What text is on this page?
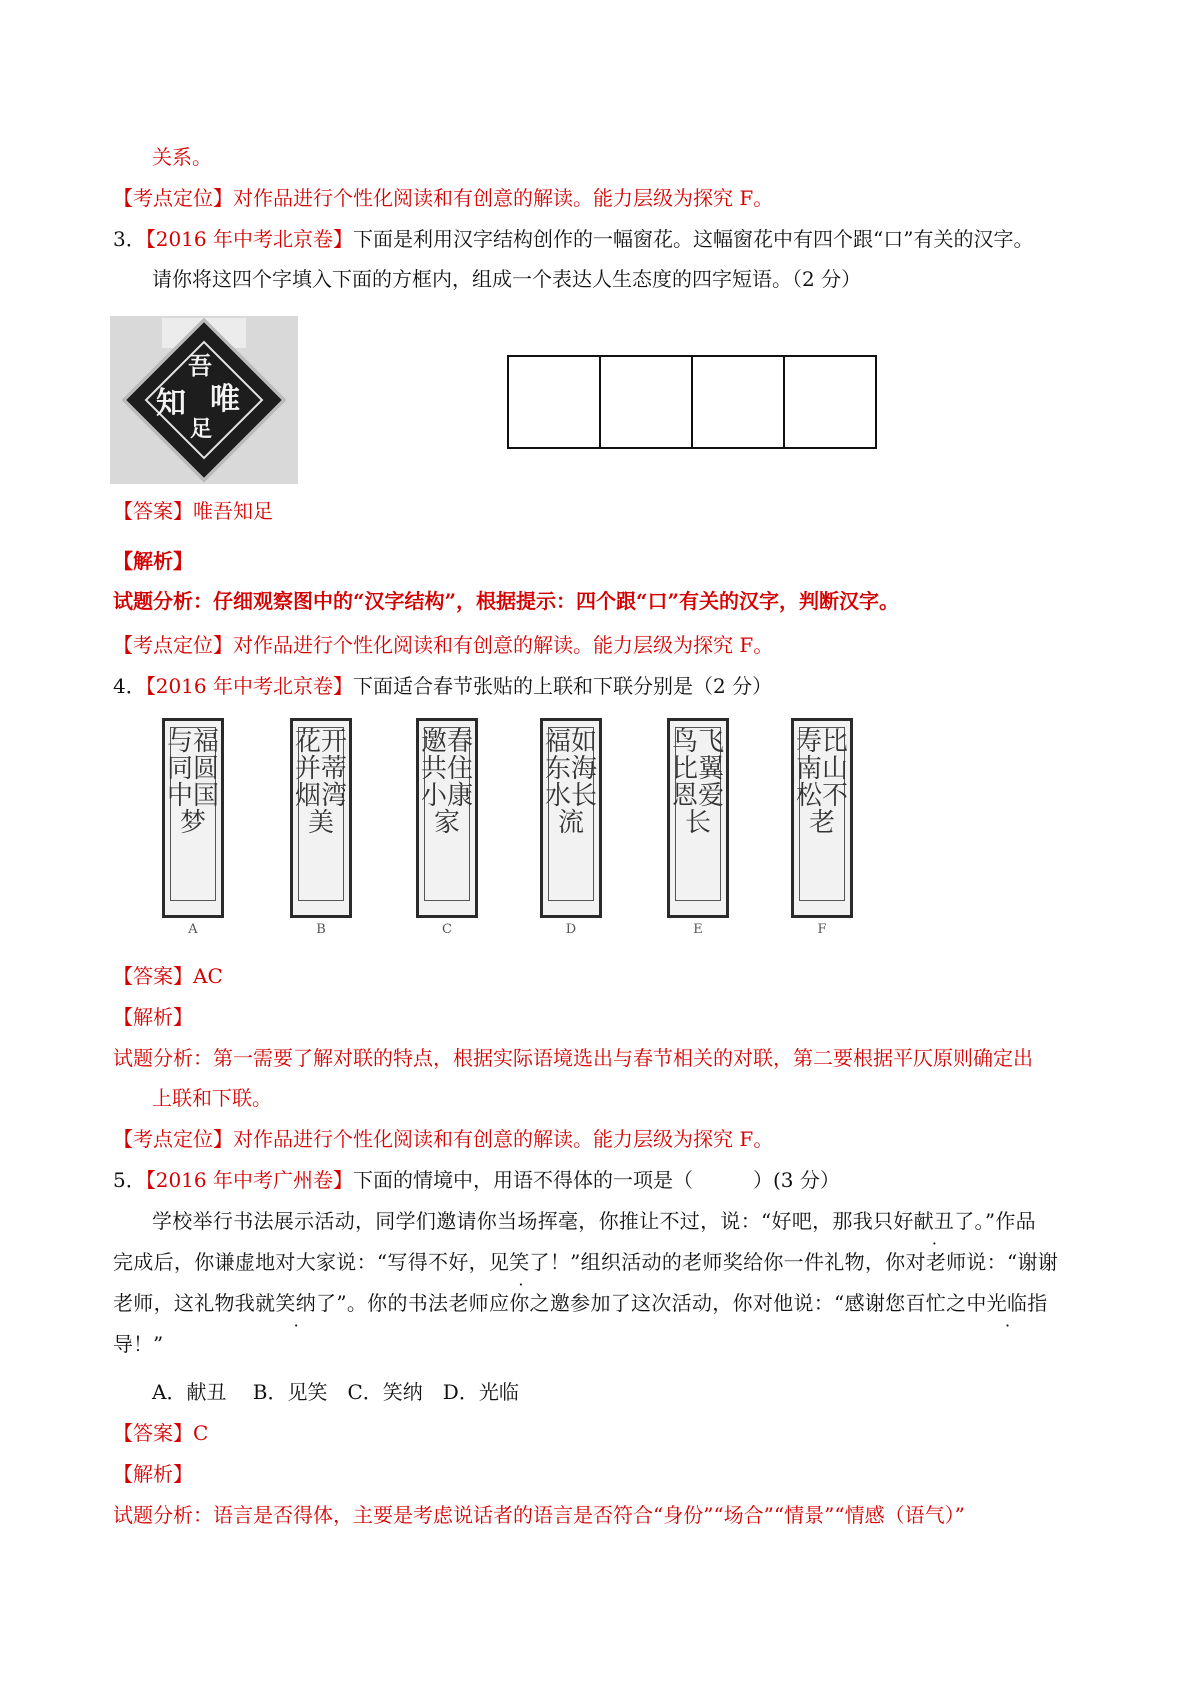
关系。
【考点定位】对作品进行个性化阅读和有创意的解读。能力层级为探究 F。
3．【2016 年中考北京卷】下面是利用汉字结构创作的一幅窗花。这幅窗花中有四个跟“口”有关的汉字。
请你将这四个字填入下面的方框内，组成一个表达人生态度的四字短语。（2 分）
吾
知 唯
足
【答案】唯吾知足
【解析】
试题分析：仔细观察图中的“汉字结构”，根据提示：四个跟“口”有关的汉字，判断汉字。
【考点定位】对作品进行个性化阅读和有创意的解读。能力层级为探究 F。
4．【2016 年中考北京卷】下面适合春节张贴的上联和下联分别是（2 分）
与福同圆中国梦
花开并蒂烟湾美
邀春共住小康家
福如东海水长流
鸟飞比翼恩爱长
寿比南山松不老
A	B	C	D	E	F
【答案】AC
【解析】
试题分析：第一需要了解对联的特点，根据实际语境选出与春节相关的对联，第二要根据平仄原则确定出
上联和下联。
【考点定位】对作品进行个性化阅读和有创意的解读。能力层级为探究 F。
5．【2016 年中考广州卷】下面的情境中，用语不得体的一项是（　　　）(3 分）
学校举行书法展示活动，同学们邀请你当场挥毫，你推让不过，说：“好吧，那我只好献丑了。”作品
完成后，你谦虚地对大家说：“写得不好，见笑了！”组织活动的老师奖给你一件礼物，你对老师说：“谢谢
老师，这礼物我就笑纳了”。你的书法老师应你之邀参加了这次活动，你对他说：“感谢您百忙之中光临指
导！”
A．献丑　 B．见笑　C．笑纳　D．光临
【答案】C
【解析】
试题分析：语言是否得体，主要是考虑说话者的语言是否符合“身份”“场合”“情景”“情感（语气）”
